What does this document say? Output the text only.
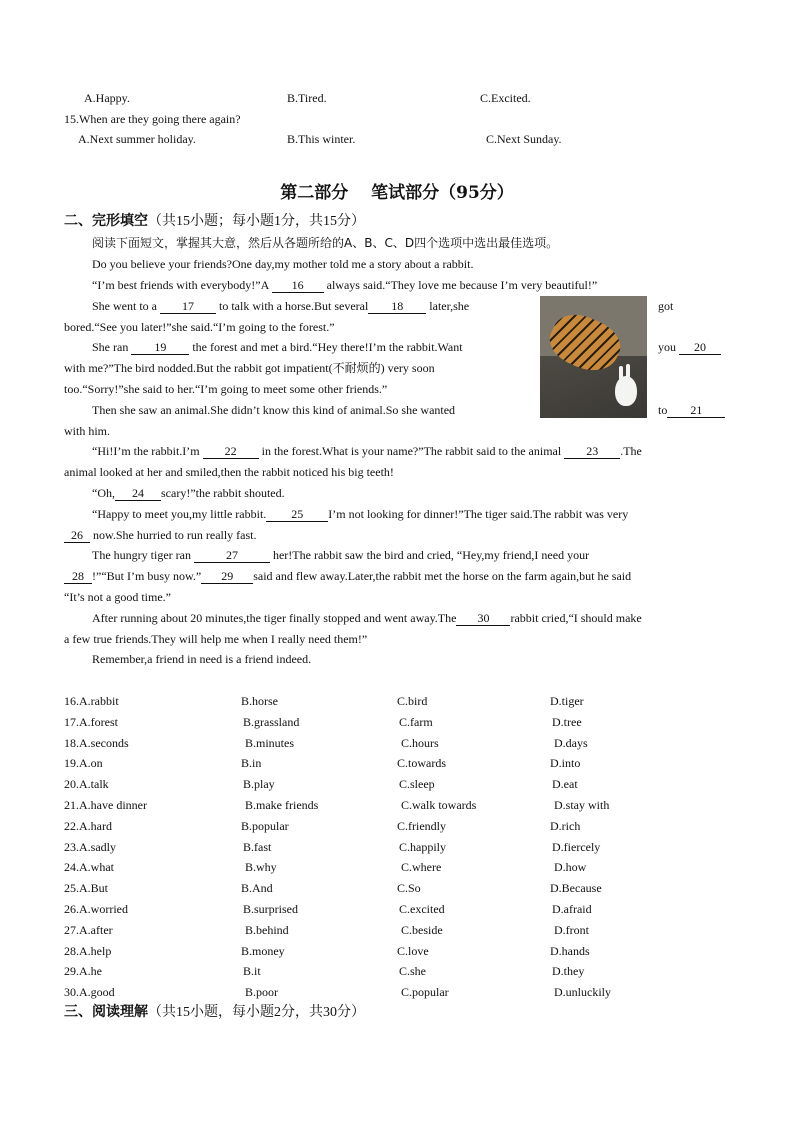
A.Happy.	B.Tired.	C.Excited.
15.When are they going there again?
A.Next summer holiday.	B.This winter.	C.Next Sunday.
第二部分　 笔试部分（95分）
二、完形填空（共15小题；每小题1分，共15分）
阅读下面短文，掌握其大意，然后从各题所给的A、B、C、D四个选项中选出最佳选项。
Do you believe your friends?One day,my mother told me a story about a rabbit.
“I’m best friends with everybody!”A 16 always said.“They love me because I’m very beautiful!”
She went to a 17 to talk with a horse.But several 18 later,she	got
bored.“See you later!”she said.“I’m going to the forest.”
She ran 19 the forest and met a bird.“Hey there!I’m the rabbit.Want	you 20
with me?”The bird nodded.But the rabbit got impatient(不耐烦的) very soon
too.“Sorry!”she said to her.“I’m going to meet some other friends.”
Then she saw an animal.She didn’t know this kind of animal.So she wanted	to 21
with him.
“Hi!I’m the rabbit.I’m 22 in the forest.What is your name?”The rabbit said to the animal 23 .The
animal looked at her and smiled,then the rabbit noticed his big teeth!
“Oh, 24 scary!”the rabbit shouted.
“Happy to meet you,my little rabbit. 25 I’m not looking for dinner!”The tiger said.The rabbit was very
26 now.She hurried to run really fast.
The hungry tiger ran	27	her!The rabbit saw the bird and cried, “Hey,my friend,I need your
28 !”“But I’m busy now.” 29 said and flew away.Later,the rabbit met the horse on the farm again,but he said
“It’s not a good time.”
After running about 20 minutes,the tiger finally stopped and went away.The 30 rabbit cried,“I should make
a few true friends.They will help me when I really need them!”
Remember,a friend in need is a friend indeed.
16.A.rabbit	B.horse	C.bird	D.tiger
17.A.forest	B.grassland	C.farm	D.tree
18.A.seconds	B.minutes	C.hours	D.days
19.A.on	B.in	C.towards	D.into
20.A.talk	B.play	C.sleep	D.eat
21.A.have dinner	B.make friends	C.walk towards	D.stay with
22.A.hard	B.popular	C.friendly	D.rich
23.A.sadly	B.fast	C.happily	D.fiercely
24.A.what	B.why	C.where	D.how
25.A.But	B.And	C.So	D.Because
26.A.worried	B.surprised	C.excited	D.afraid
27.A.after	B.behind	C.beside	D.front
28.A.help	B.money	C.love	D.hands
29.A.he	B.it	C.she	D.they
30.A.good	B.poor	C.popular	D.unluckily
三、阅读理解（共15小题，每小题2分，共30分）
